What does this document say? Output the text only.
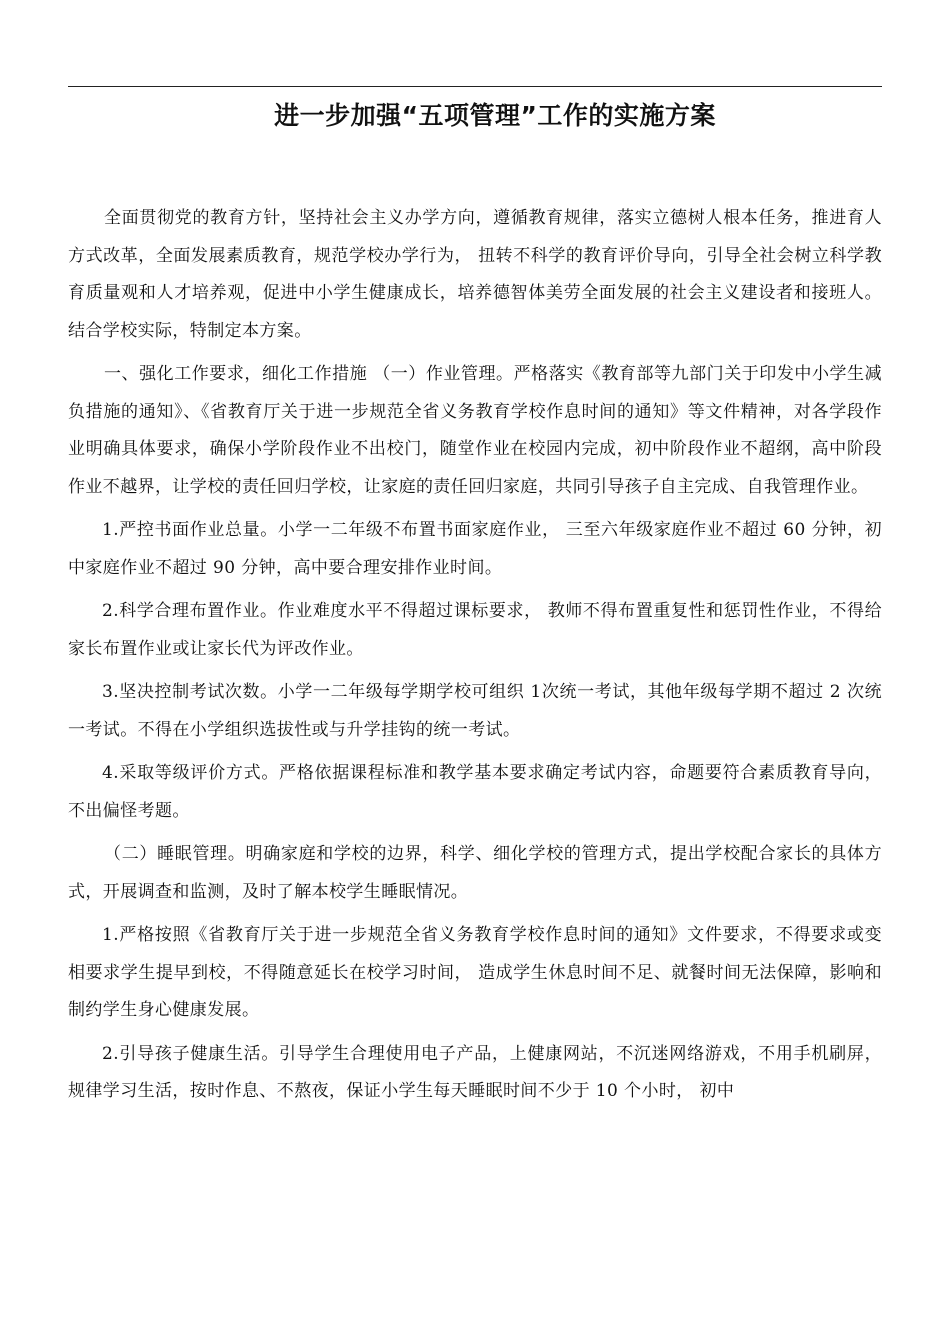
进一步加强“五项管理”工作的实施方案

全面贯彻党的教育方针，坚持社会主义办学方向，遵循教育规律，落实立德树人根本任务，推进育人方式改革，全面发展素质教育，规范学校办学行为， 扭转不科学的教育评价导向，引导全社会树立科学教育质量观和人才培养观，促进中小学生健康成长，培养德智体美劳全面发展的社会主义建设者和接班人。结合学校实际，特制定本方案。

一、强化工作要求，细化工作措施 （一）作业管理。严格落实《教育部等九部门关于印发中小学生减负措施的通知》、《省教育厅关于进一步规范全省义务教育学校作息时间的通知》等文件精神，对各学段作业明确具体要求，确保小学阶段作业不出校门，随堂作业在校园内完成，初中阶段作业不超纲，高中阶段作业不越界，让学校的责任回归学校，让家庭的责任回归家庭，共同引导孩子自主完成、自我管理作业。

1.严控书面作业总量。小学一二年级不布置书面家庭作业， 三至六年级家庭作业不超过 60 分钟，初中家庭作业不超过 90 分钟，高中要合理安排作业时间。

2.科学合理布置作业。作业难度水平不得超过课标要求， 教师不得布置重复性和惩罚性作业，不得给家长布置作业或让家长代为评改作业。

3.坚决控制考试次数。小学一二年级每学期学校可组织 1次统一考试，其他年级每学期不超过 2 次统一考试。不得在小学组织选拔性或与升学挂钩的统一考试。

4.采取等级评价方式。严格依据课程标准和教学基本要求确定考试内容，命题要符合素质教育导向，不出偏怪考题。

（二）睡眠管理。明确家庭和学校的边界，科学、细化学校的管理方式，提出学校配合家长的具体方式，开展调查和监测，及时了解本校学生睡眠情况。

1.严格按照《省教育厅关于进一步规范全省义务教育学校作息时间的通知》文件要求，不得要求或变相要求学生提早到校，不得随意延长在校学习时间， 造成学生休息时间不足、就餐时间无法保障，影响和制约学生身心健康发展。

2.引导孩子健康生活。引导学生合理使用电子产品，上健康网站，不沉迷网络游戏，不用手机刷屏，规律学习生活，按时作息、不熬夜，保证小学生每天睡眠时间不少于 10 个小时， 初中
